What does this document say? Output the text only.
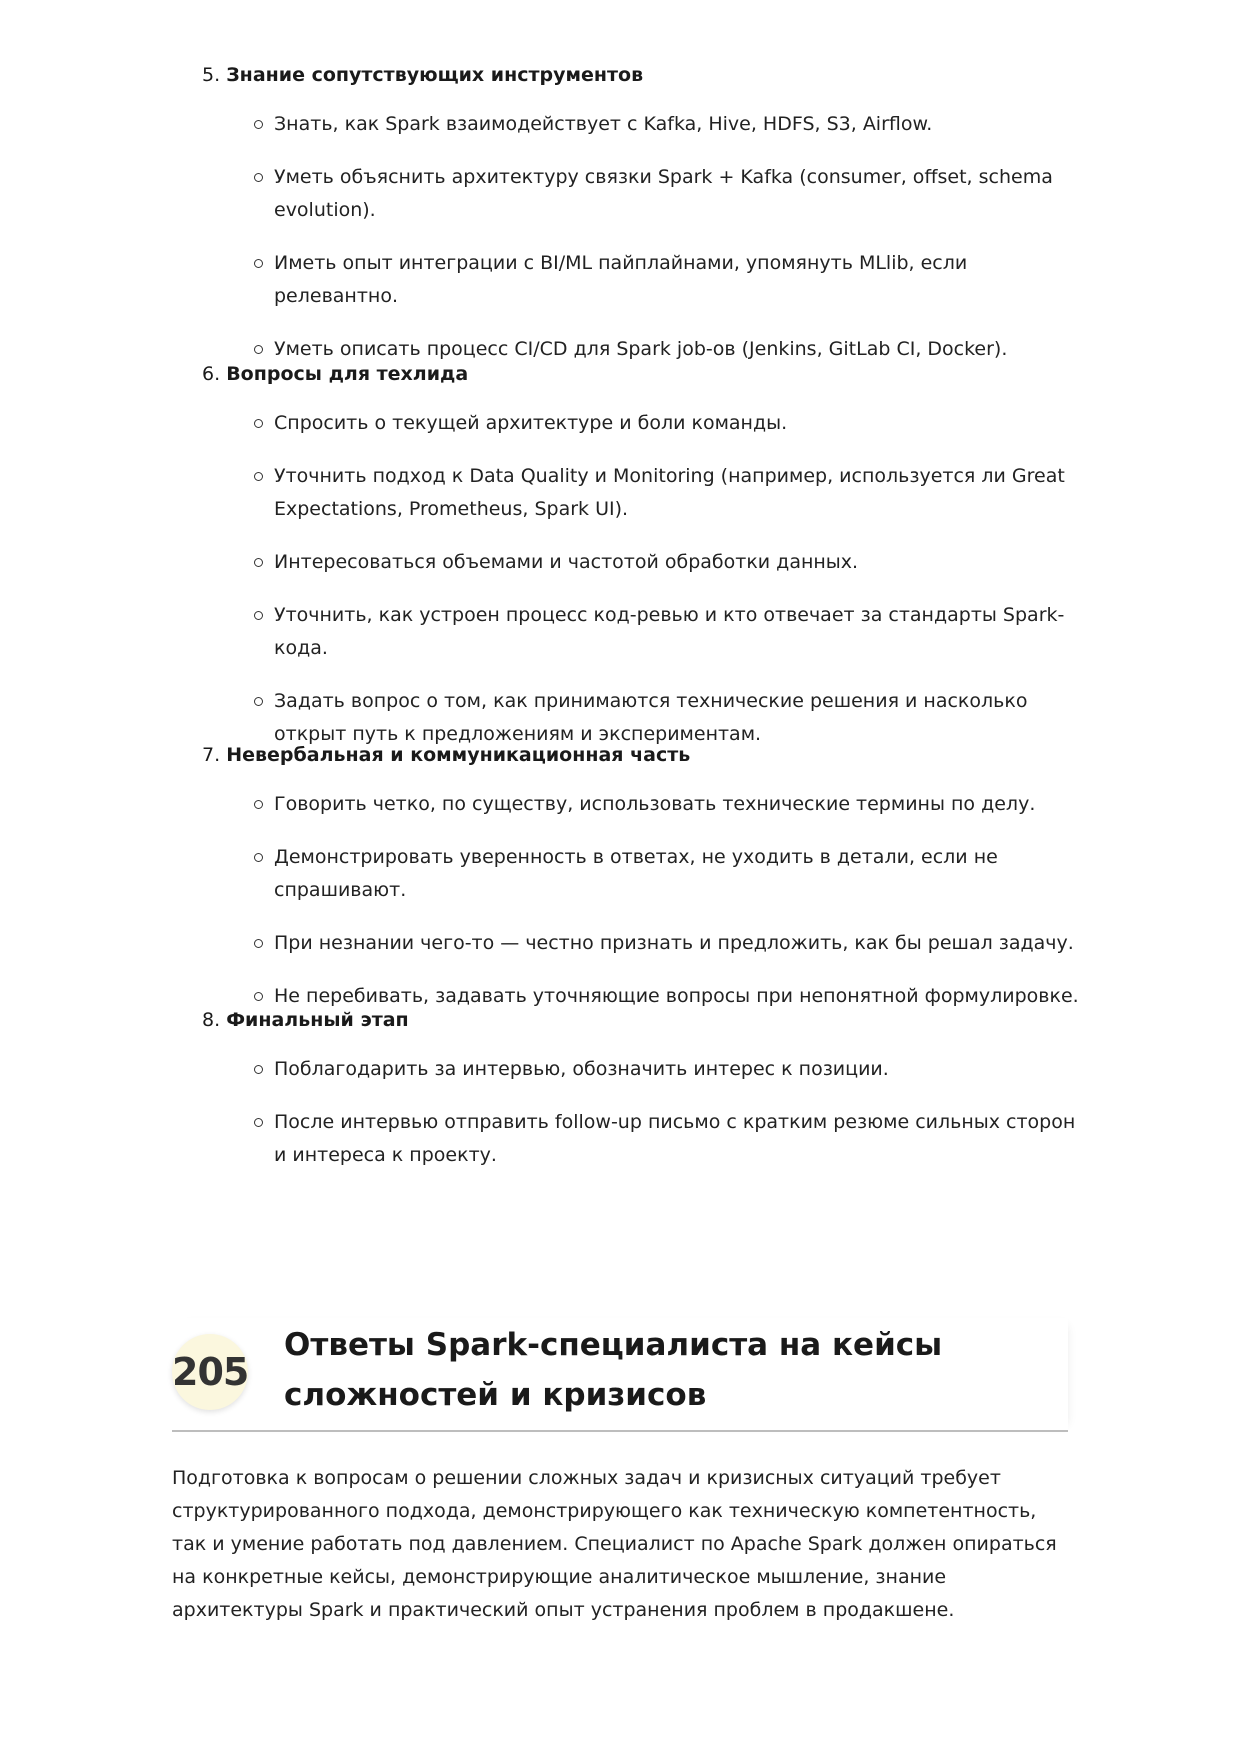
5. Знание сопутствующих инструментов

Знать, как Spark взаимодействует с Kafka, Hive, HDFS, S3, Airflow.
Уметь объяснить архитектуру связки Spark + Kafka (consumer, offset, schema evolution).
Иметь опыт интеграции с BI/ML пайплайнами, упомянуть MLlib, если релевантно.
Уметь описать процесс CI/CD для Spark job-ов (Jenkins, GitLab CI, Docker).

6. Вопросы для техлида

Спросить о текущей архитектуре и боли команды.
Уточнить подход к Data Quality и Monitoring (например, используется ли Great Expectations, Prometheus, Spark UI).
Интересоваться объемами и частотой обработки данных.
Уточнить, как устроен процесс код-ревью и кто отвечает за стандарты Spark-кода.
Задать вопрос о том, как принимаются технические решения и насколько открыт путь к предложениям и экспериментам.

7. Невербальная и коммуникационная часть

Говорить четко, по существу, использовать технические термины по делу.
Демонстрировать уверенность в ответах, не уходить в детали, если не спрашивают.
При незнании чего-то — честно признать и предложить, как бы решал задачу.
Не перебивать, задавать уточняющие вопросы при непонятной формулировке.

8. Финальный этап

Поблагодарить за интервью, обозначить интерес к позиции.
После интервью отправить follow-up письмо с кратким резюме сильных сторон и интереса к проекту.
205
Ответы Spark-специалиста на кейсы сложностей и кризисов

Подготовка к вопросам о решении сложных задач и кризисных ситуаций требует структурированного подхода, демонстрирующего как техническую компетентность, так и умение работать под давлением. Специалист по Apache Spark должен опираться на конкретные кейсы, демонстрирующие аналитическое мышление, знание архитектуры Spark и практический опыт устранения проблем в продакшене.
